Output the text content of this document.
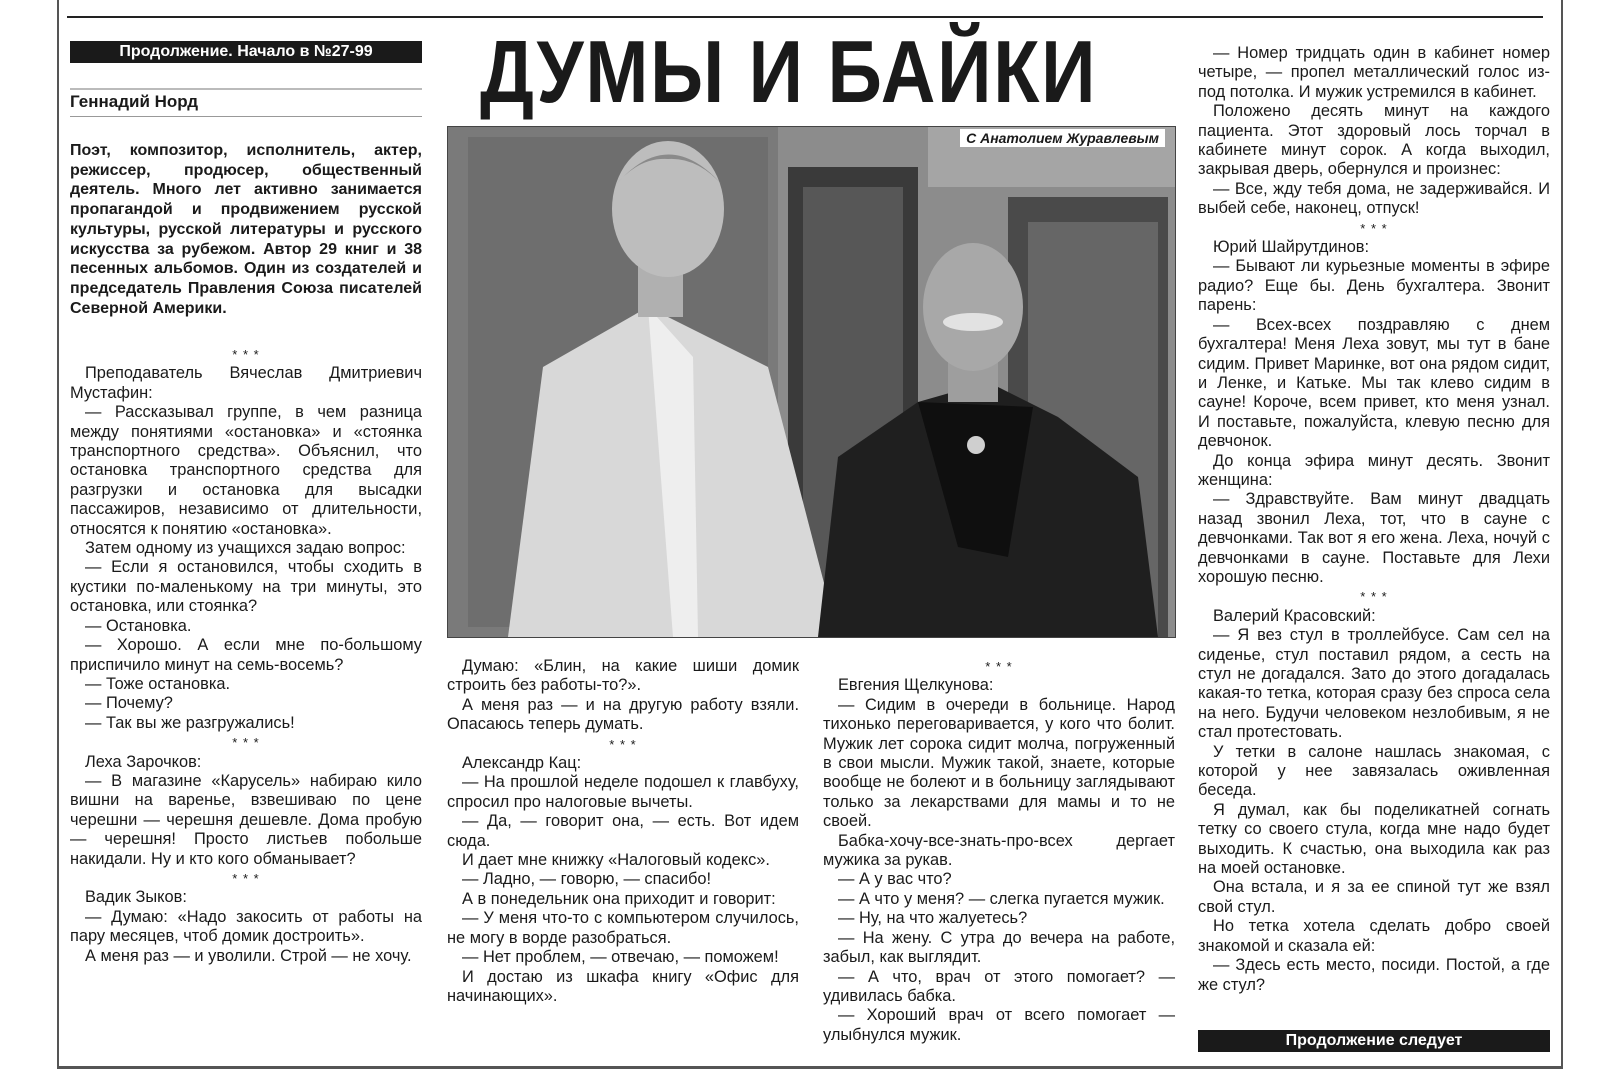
Продолжение. Начало в №27-99
Геннадий Норд
Поэт, композитор, исполнитель, актер, режиссер, продюсер, общественный деятель. Много лет активно занимается пропагандой и продвижением русской культуры, русской литературы и русского искусства за рубежом. Автор 29 книг и 38 песенных альбомов. Один из создателей и председатель Правления Союза писателей Северной Америки.
ДУМЫ И БАЙКИ
С Анатолием Журавлевым

* * *

Преподаватель Вячеслав Дмитриевич Мустафин:

— Рассказывал группе, в чем разница между понятиями «остановка» и «стоянка транспортного средства». Объяснил, что остановка транспортного средства для разгрузки и остановка для высадки пассажиров, независимо от длительности, относятся к понятию «остановка».

Затем одному из учащихся задаю вопрос:

— Если я остановился, чтобы сходить в кустики по-маленькому на три минуты, это остановка, или стоянка?

— Остановка.

— Хорошо. А если мне по-большому приспичило минут на семь-восемь?

— Тоже остановка.

— Почему?

— Так вы же разгружались!

* * *

Леха Зарочков:

— В магазине «Карусель» набираю кило вишни на варенье, взвешиваю по цене черешни — черешня дешевле. Дома пробую — черешня! Просто листьев побольше накидали. Ну и кто кого обманывает?

* * *

Вадик Зыков:

— Думаю: «Надо закосить от работы на пару месяцев, чтоб домик достроить».

А меня раз — и уволили. Строй — не хочу.

Думаю: «Блин, на какие шиши домик строить без работы-то?».

А меня раз — и на другую работу взяли. Опасаюсь теперь думать.

* * *

Александр Кац:

— На прошлой неделе подошел к главбуху, спросил про налоговые вычеты.

— Да, — говорит она, — есть. Вот идем сюда.

И дает мне книжку «Налоговый кодекс».

— Ладно, — говорю, — спасибо!

А в понедельник она приходит и говорит:

— У меня что-то с компьютером случилось, не могу в ворде разобраться.

— Нет проблем, — отвечаю, — поможем!

И достаю из шкафа книгу «Офис для начинающих».

* * *

Евгения Щелкунова:

— Сидим в очереди в больнице. Народ тихонько переговаривается, у кого что болит. Мужик лет сорока сидит молча, погруженный в свои мысли. Мужик такой, знаете, которые вообще не болеют и в больницу заглядывают только за лекарствами для мамы и то не своей.

Бабка-хочу-все-знать-про-всех дергает мужика за рукав.

— А у вас что?

— А что у меня? — слегка пугается мужик.

— Ну, на что жалуетесь?

— На жену. С утра до вечера на работе, забыл, как выглядит.

— А что, врач от этого помогает? — удивилась бабка.

— Хороший врач от всего помогает — улыбнулся мужик.

— Номер тридцать один в кабинет номер четыре, — пропел металлический голос из- под потолка. И мужик устремился в кабинет.

Положено десять минут на каждого пациента. Этот здоровый лось торчал в кабинете минут сорок. А когда выходил, закрывая дверь, обернулся и произнес:

— Все, жду тебя дома, не задерживайся. И выбей себе, наконец, отпуск!

* * *

Юрий Шайрутдинов:

— Бывают ли курьезные моменты в эфире радио? Еще бы. День бухгалтера. Звонит парень:

— Всех-всех поздравляю с днем бухгалтера! Меня Леха зовут, мы тут в бане сидим. Привет Маринке, вот она рядом сидит, и Ленке, и Катьке. Мы так клево сидим в сауне! Короче, всем привет, кто меня узнал. И поставьте, пожалуйста, клевую песню для девчонок.

До конца эфира минут десять. Звонит женщина:

— Здравствуйте. Вам минут двадцать назад звонил Леха, тот, что в сауне с девчонками. Так вот я его жена. Леха, ночуй с девчонками в сауне. Поставьте для Лехи хорошую песню.

* * *

Валерий Красовский:

— Я вез стул в троллейбусе. Сам сел на сиденье, стул поставил рядом, а сесть на стул не догадался. Зато до этого догадалась какая-то тетка, которая сразу без спроса села на него. Будучи человеком незлобивым, я не стал протестовать.

У тетки в салоне нашлась знакомая, с которой у нее завязалась оживленная беседа.

Я думал, как бы поделикатней согнать тетку со своего стула, когда мне надо будет выходить. К счастью, она выходила как раз на моей остановке.

Она встала, и я за ее спиной тут же взял свой стул.

Но тетка хотела сделать добро своей знакомой и сказала ей:

— Здесь есть место, посиди. Постой, а где же стул?

Продолжение следует
